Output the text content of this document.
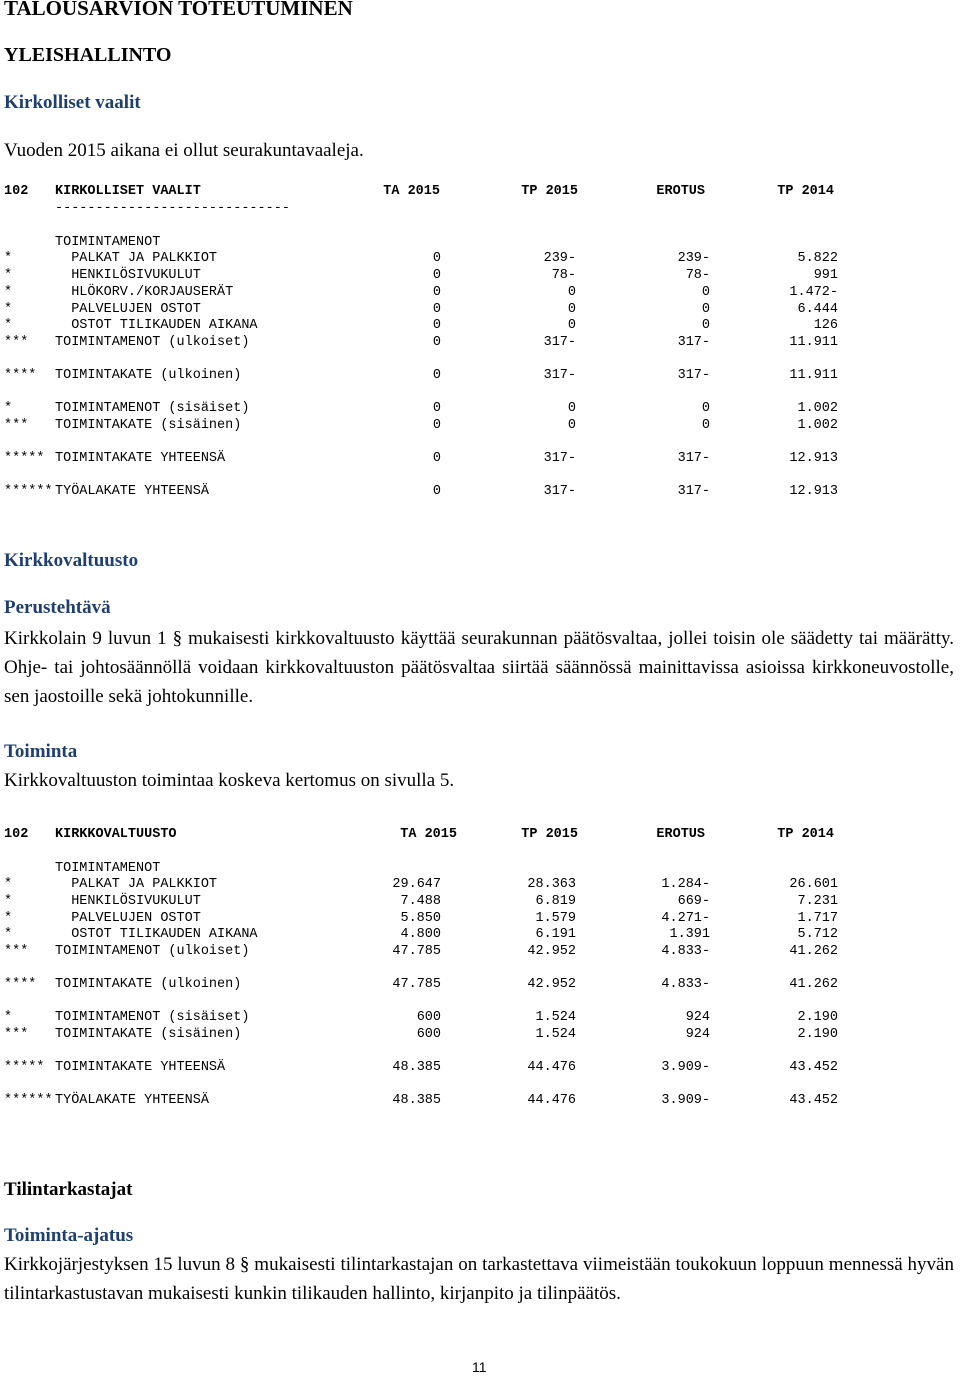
TALOUSARVION TOTEUTUMINEN
YLEISHALLINTO
Kirkolliset vaalit
Vuoden 2015 aikana ei ollut seurakuntavaaleja.
102 KIRKOLLISET VAALIT	TA 2015	TP 2015	EROTUS	TP 2014
-----------------------------
TOIMINTAMENOT
*	PALKAT JA PALKKIOT	0	239-	239-	5.822
*	HENKILÖSIVUKULUT	0	78-	78-	991
*	HLÖKORV./KORJAUSERÄT	0	0	0	1.472-
*	PALVELUJEN OSTOT	0	0	0	6.444
*	OSTOT TILIKAUDEN AIKANA	0	0	0	126
*** TOIMINTAMENOT (ulkoiset)	0	317-	317-	11.911
**** TOIMINTAKATE (ulkoinen)	0	317-	317-	11.911
*	TOIMINTAMENOT (sisäiset)	0	0	0	1.002
*** TOIMINTAKATE (sisäinen)	0	0	0	1.002
***** TOIMINTAKATE YHTEENSÄ	0	317-	317-	12.913
****** TYÖALAKATE YHTEENSÄ	0	317-	317-	12.913
Kirkkovaltuusto
Perustehtävä
Kirkkolain 9 luvun 1 § mukaisesti kirkkovaltuusto käyttää seurakunnan päätösvaltaa, jollei toisin ole säädetty tai määrätty. Ohje- tai johtosäännöllä voidaan kirkkovaltuuston päätösvaltaa siirtää säännössä mainittavissa asioissa kirkkoneuvostolle, sen jaostoille sekä johtokunnille.
Toiminta
Kirkkovaltuuston toimintaa koskeva kertomus on sivulla 5.
102 KIRKKOVALTUUSTO	TA 2015	TP 2015	EROTUS	TP 2014
TOIMINTAMENOT
*	PALKAT JA PALKKIOT	29.647	28.363	1.284-	26.601
*	HENKILÖSIVUKULUT	7.488	6.819	669-	7.231
*	PALVELUJEN OSTOT	5.850	1.579	4.271-	1.717
*	OSTOT TILIKAUDEN AIKANA	4.800	6.191	1.391	5.712
*** TOIMINTAMENOT (ulkoiset)	47.785	42.952	4.833-	41.262
**** TOIMINTAKATE (ulkoinen)	47.785	42.952	4.833-	41.262
*	TOIMINTAMENOT (sisäiset)	600	1.524	924	2.190
*** TOIMINTAKATE (sisäinen)	600	1.524	924	2.190
***** TOIMINTAKATE YHTEENSÄ	48.385	44.476	3.909-	43.452
****** TYÖALAKATE YHTEENSÄ	48.385	44.476	3.909-	43.452
Tilintarkastajat
Toiminta-ajatus
Kirkkojärjestyksen 15 luvun 8 § mukaisesti tilintarkastajan on tarkastettava viimeistään toukokuun loppuun mennessä hyvän tilintarkastustavan mukaisesti kunkin tilikauden hallinto, kirjanpito ja tilinpäätös.
11
